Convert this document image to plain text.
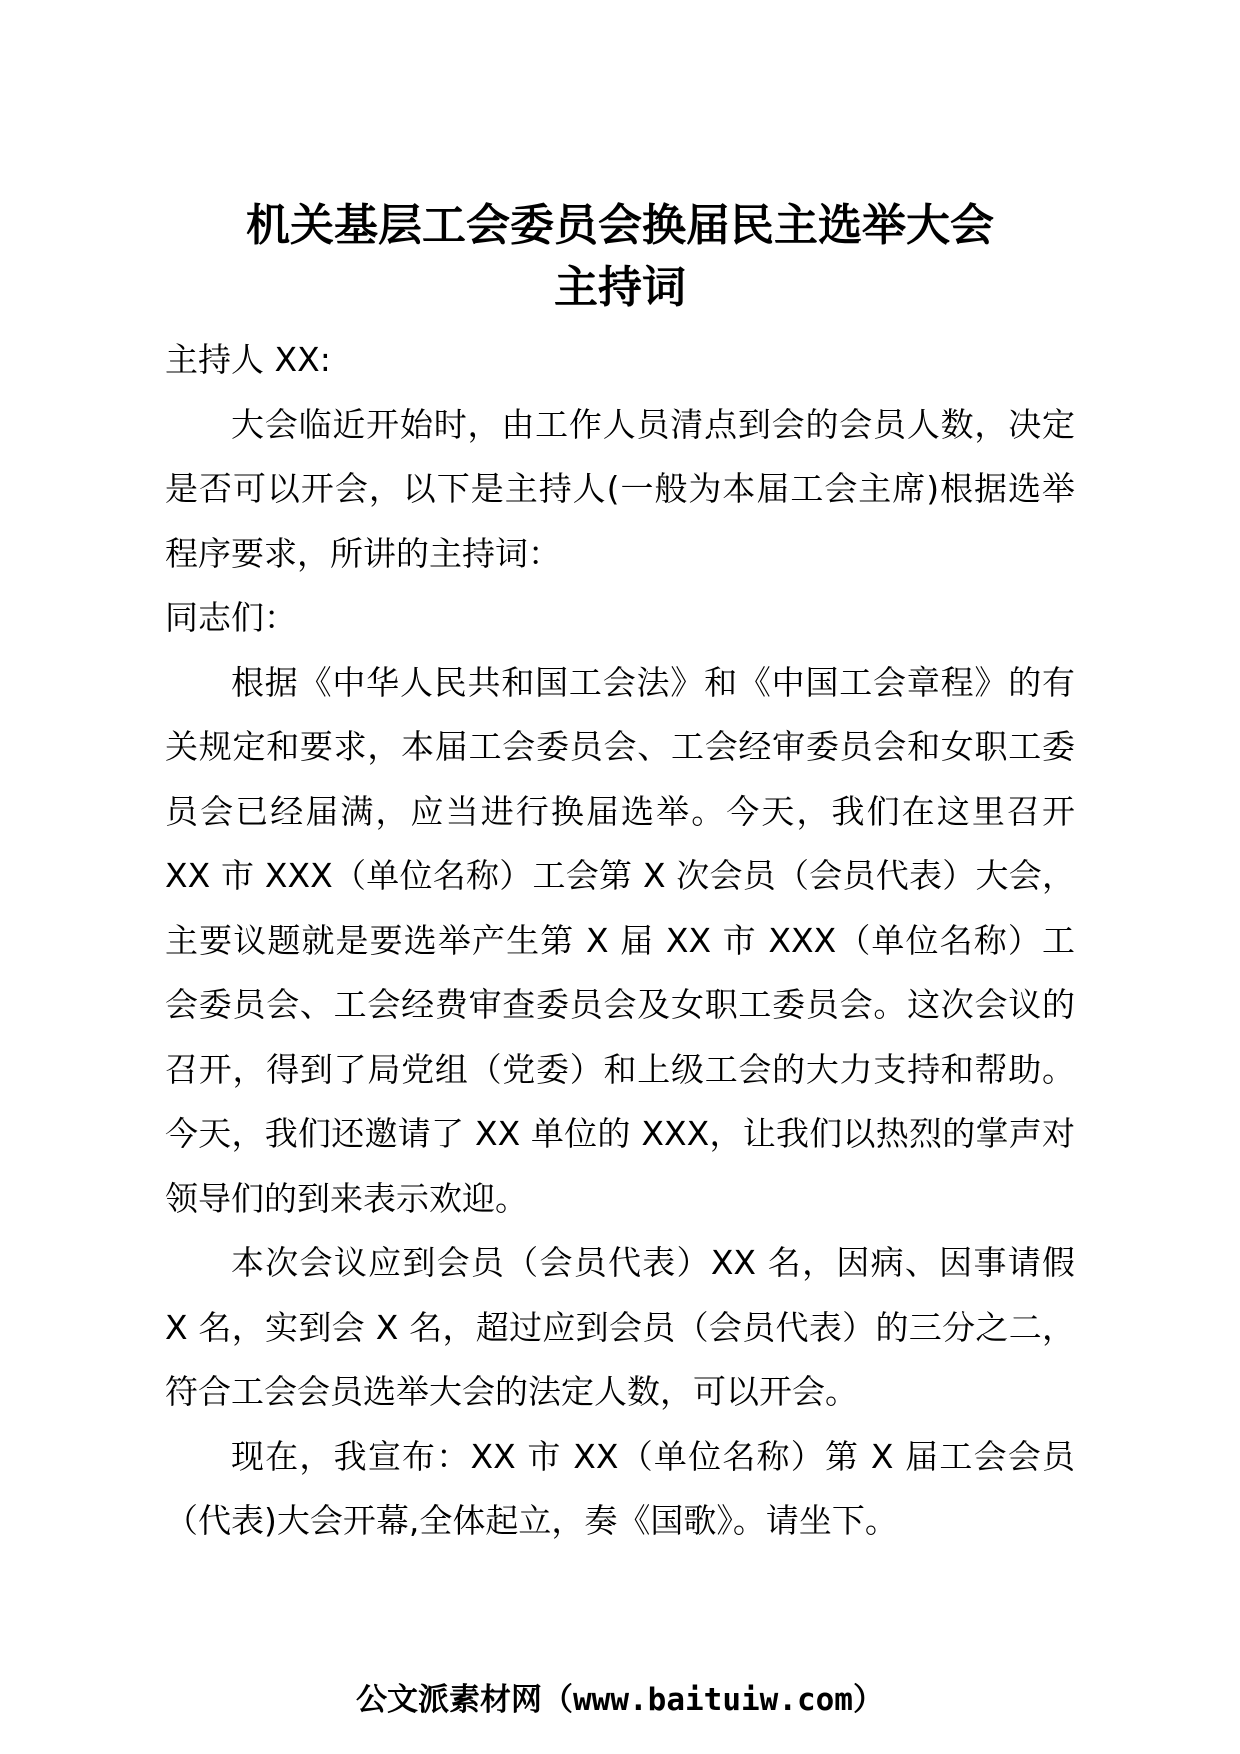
机关基层工会委员会换届民主选举大会
主持词

主持人 XX:

大会临近开始时，由工作人员清点到会的会员人数，决定是否可以开会，以下是主持人(一般为本届工会主席)根据选举程序要求，所讲的主持词：

同志们：

根据《中华人民共和国工会法》和《中国工会章程》的有关规定和要求，本届工会委员会、工会经审委员会和女职工委员会已经届满，应当进行换届选举。今天，我们在这里召开 XX 市 XXX（单位名称）工会第 X 次会员（会员代表）大会，主要议题就是要选举产生第 X 届 XX 市 XXX（单位名称）工会委员会、工会经费审查委员会及女职工委员会。这次会议的召开，得到了局党组（党委）和上级工会的大力支持和帮助。今天，我们还邀请了 XX 单位的 XXX，让我们以热烈的掌声对领导们的到来表示欢迎。

本次会议应到会员（会员代表）XX 名，因病、因事请假 X 名，实到会 X 名，超过应到会员（会员代表）的三分之二，符合工会会员选举大会的法定人数，可以开会。

现在，我宣布：XX 市 XX（单位名称）第 X 届工会会员（代表)大会开幕,全体起立，奏《国歌》。请坐下。

公文派素材网（www.baituiw.com）
